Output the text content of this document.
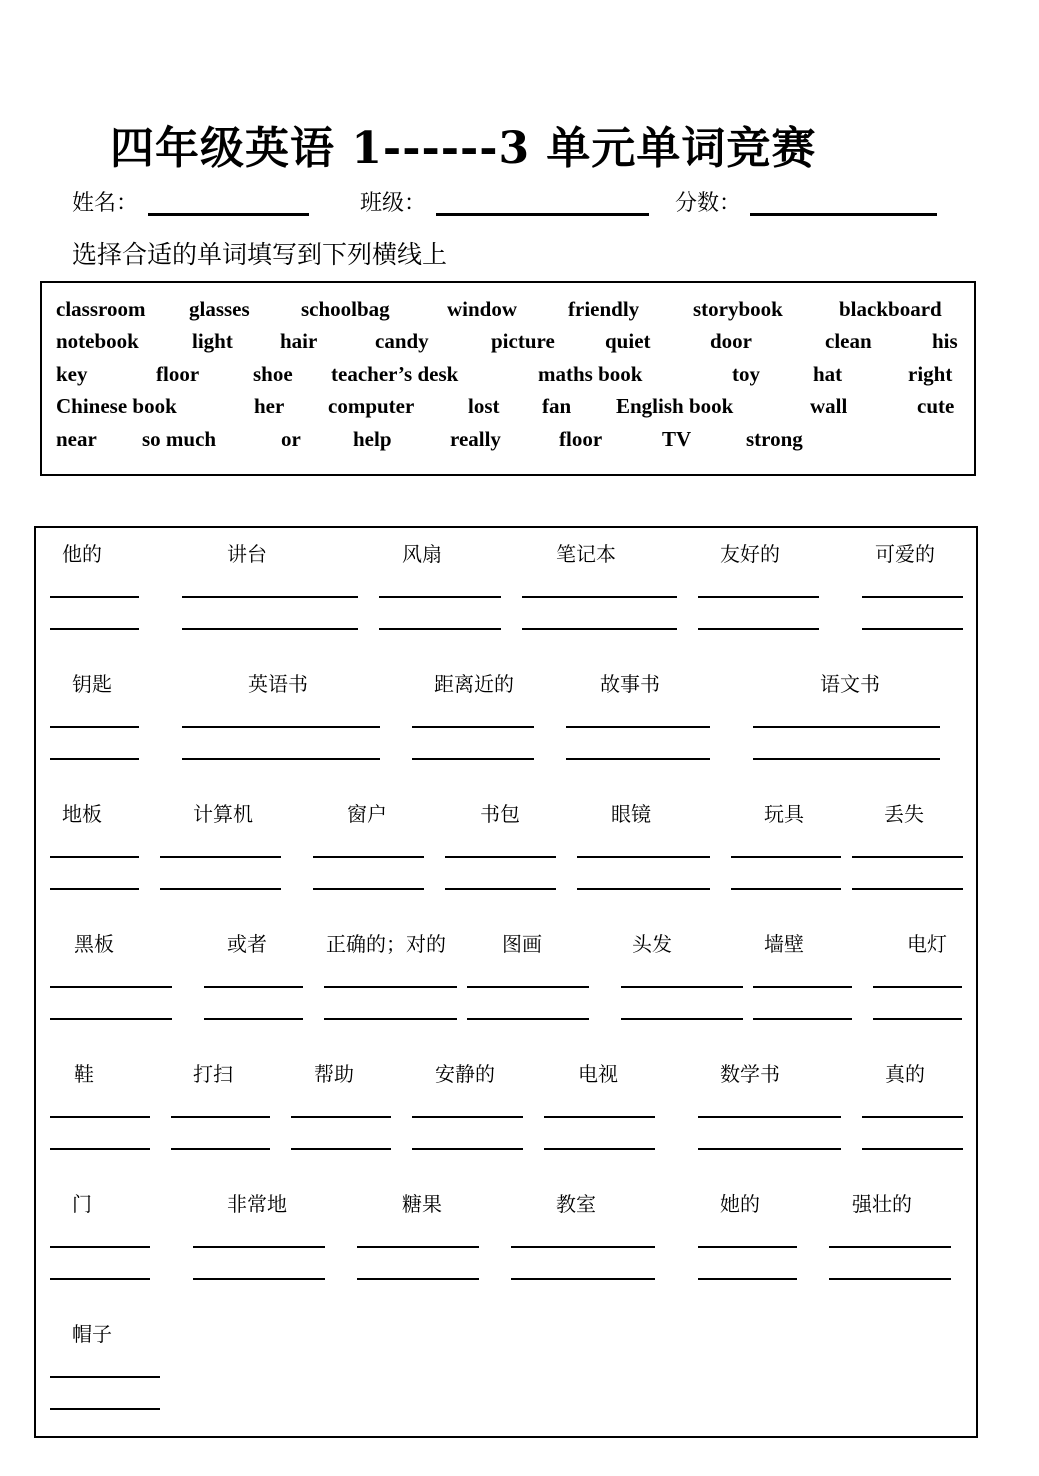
四年级英语 1------3 单元单词竞赛
姓名：	班级：	分数：
选择合适的单词填写到下列横线上
classroom glasses schoolbag	window friendly	storybook	blackboard
notebook	light hair	candy	picture quiet	door	clean	his
key	floor	shoe teacher’s desk	maths book	toy	hat	right
Chinese book	her computer	lost fan English book	wall	cute
near so much	or help	really	floor	TV	strong
他的	讲台	风扇	笔记本	友好的	可爱的
钥匙	英语书	距离近的	故事书	语文书
地板	计算机	窗户	书包	眼镜	玩具	丢失
黑板	或者	正确的；对的	图画	头发	墙壁	电灯
鞋	打扫	帮助	安静的	电视	数学书	真的
门	非常地	糖果	教室	她的	强壮的
帽子
